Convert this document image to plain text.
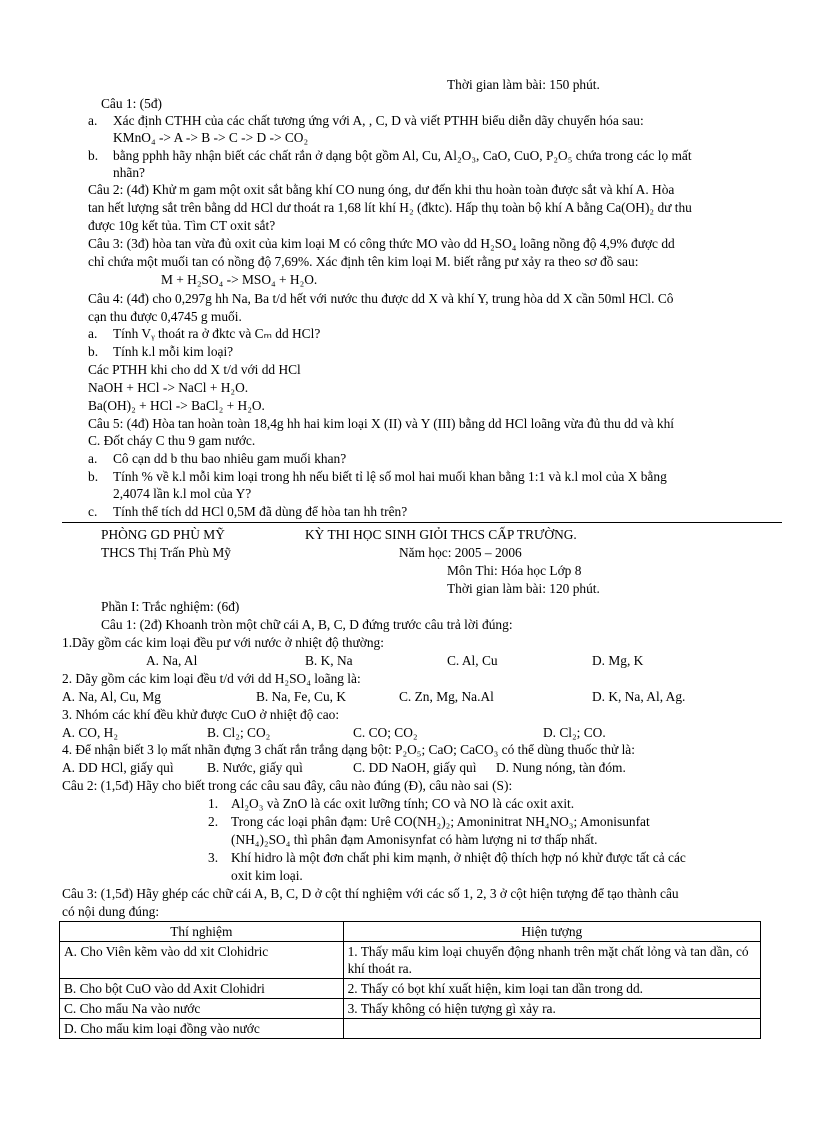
Thời gian làm bài: 150 phút.
Câu 1: (5đ)
a. Xác định CTHH của các chất tương ứng với A, , C, D và viết PTHH biểu diễn dãy chuyển hóa sau:
KMnO₄ -> A -> B -> C -> D -> CO₂
b. bằng pphh hãy nhận biết các chất rắn ở dạng bột gồm Al, Cu, Al₂O₃, CaO, CuO, P₂O₅ chứa trong các lọ mất
nhãn?
Câu 2: (4đ) Khử m gam một oxit sắt bằng khí CO nung óng, dư đến khi thu hoàn toàn được sắt và khí A. Hòa
tan hết lượng sắt trên bằng dd HCl dư thoát ra 1,68 lít khí H₂ (đktc). Hấp thụ toàn bộ khí A bằng Ca(OH)₂ dư thu
được 10g kết tủa. Tìm CT oxit sắt?
Câu 3: (3đ) hòa tan vừa đủ oxit của kim loại M có công thức MO vào dd H₂SO₄ loãng nồng độ 4,9% được dd
chỉ chứa một muối tan có nồng độ 7,69%. Xác định tên kim loại M. biết rằng pư xảy ra theo sơ đồ sau:
M + H₂SO₄ -> MSO₄ + H₂O.
Câu 4: (4đ) cho 0,297g hh Na, Ba t/d hết với nước thu được dd X và khí Y, trung hòa dd X cần 50ml HCl. Cô
cạn thu được 0,4745 g muối.
a. Tính Vᵧ thoát ra ở đktc và Cₘ dd HCl?
b. Tính k.l mỗi kim loại?
Các PTHH khi cho dd X t/d với dd HCl
NaOH + HCl -> NaCl + H₂O.
Ba(OH)₂ + HCl -> BaCl₂ + H₂O.
Câu 5: (4đ) Hòa tan hoàn toàn 18,4g hh hai kim loại X (II) và Y (III) bằng dd HCl loãng vừa đủ thu dd và khí
C. Đốt cháy C thu 9 gam nước.
a. Cô cạn dd b thu bao nhiêu gam muối khan?
b. Tính % về k.l mỗi kim loại trong hh nếu biết tỉ lệ số mol hai muối khan bằng 1:1 và k.l mol của X bằng
2,4074 lần k.l mol của Y?
c. Tính thể tích dd HCl 0,5M đã dùng để hòa tan hh trên?
PHÒNG GD PHÙ MỸ	KỲ THI HỌC SINH GIỎI THCS CẤP TRƯỜNG.
THCS Thị Trấn Phù Mỹ	Năm học: 2005 – 2006
Môn Thi: Hóa học Lớp 8
Thời gian làm bài: 120 phút.
Phần I: Trắc nghiệm: (6đ)
Câu 1: (2đ) Khoanh tròn một chữ cái A, B, C, D đứng trước câu trả lời đúng:
1.Dãy gồm các kim loại đều pư với nước ở nhiệt độ thường:
A. Na, Al	B. K, Na	C. Al, Cu	D. Mg, K
2. Dãy gồm các kim loại đều t/d với dd H₂SO₄ loãng là:
A. Na, Al, Cu, Mg	B. Na, Fe, Cu, K	C. Zn, Mg, Na.Al	D. K, Na, Al, Ag.
3. Nhóm các khí đều khử được CuO ở nhiệt độ cao:
A. CO, H₂	B. Cl₂; CO₂	C. CO; CO₂	D. Cl₂; CO.
4. Để nhận biết 3 lọ mất nhãn đựng 3 chất rắn trắng dạng bột: P₂O₅; CaO; CaCO₃ có thể dùng thuốc thử là:
A. DD HCl, giấy quì B. Nước, giấy quì	C. DD NaOH, giấy quì D. Nung nóng, tàn đóm.
Câu 2: (1,5đ) Hãy cho biết trong các câu sau đây, câu nào đúng (Đ), câu nào sai (S):
1. Al₂O₃ và ZnO là các oxit lưỡng tính; CO và NO là các oxit axit.
2. Trong các loại phân đạm: Urê CO(NH₂)₂; Amoninitrat NH₄NO₃; Amonisunfat
(NH₄)₂SO₄ thì phân đạm Amonisynfat có hàm lượng ni tơ thấp nhất.
3. Khí hidro là một đơn chất phi kim mạnh, ở nhiệt độ thích hợp nó khử được tất cả các
oxit kim loại.
Câu 3: (1,5đ) Hãy ghép các chữ cái A, B, C, D ở cột thí nghiệm với các số 1, 2, 3 ở cột hiện tượng để tạo thành câu
có nội dung đúng:
Thí nghiệm	Hiện tượng
A. Cho Viên kẽm vào dd xit Clohidric	1. Thấy mẩu kim loại chuyển động nhanh trên mặt chất lỏng và tan dần, có khí thoát ra.
B. Cho bột CuO vào dd Axit Clohidri	2. Thấy có bọt khí xuất hiện, kim loại tan dần trong dd.
C. Cho mẩu Na vào nước	3. Thấy không có hiện tượng gì xảy ra.
D. Cho mẩu kim loại đồng vào nước	
